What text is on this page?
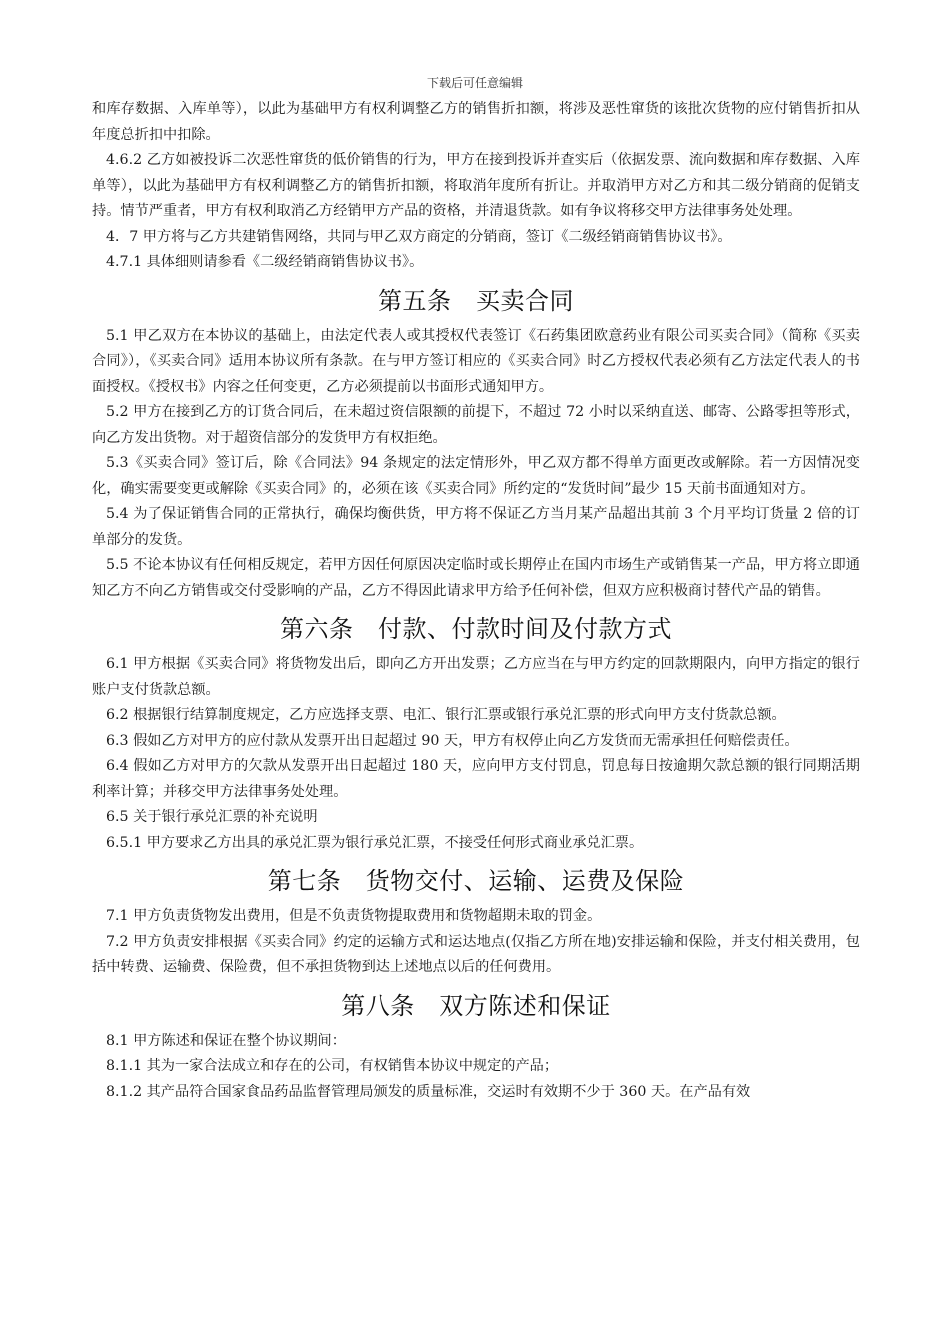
下载后可任意编辑
和库存数据、入库单等），以此为基础甲方有权利调整乙方的销售折扣额，将涉及恶性窜货的该批次货物的应付销售折扣从年度总折扣中扣除。
4.6.2 乙方如被投诉二次恶性窜货的低价销售的行为，甲方在接到投诉并查实后（依据发票、流向数据和库存数据、入库单等），以此为基础甲方有权利调整乙方的销售折扣额，将取消年度所有折让。并取消甲方对乙方和其二级分销商的促销支持。情节严重者，甲方有权利取消乙方经销甲方产品的资格，并清退货款。如有争议将移交甲方法律事务处处理。
4．7 甲方将与乙方共建销售网络，共同与甲乙双方商定的分销商，签订《二级经销商销售协议书》。
4.7.1 具体细则请参看《二级经销商销售协议书》。
第五条　买卖合同
5.1 甲乙双方在本协议的基础上，由法定代表人或其授权代表签订《石药集团欧意药业有限公司买卖合同》（简称《买卖合同》），《买卖合同》适用本协议所有条款。在与甲方签订相应的《买卖合同》时乙方授权代表必须有乙方法定代表人的书面授权。《授权书》内容之任何变更，乙方必须提前以书面形式通知甲方。
5.2 甲方在接到乙方的订货合同后，在未超过资信限额的前提下，不超过 72 小时以采纳直送、邮寄、公路零担等形式，向乙方发出货物。对于超资信部分的发货甲方有权拒绝。
5.3《买卖合同》签订后，除《合同法》94 条规定的法定情形外，甲乙双方都不得单方面更改或解除。若一方因情况变化，确实需要变更或解除《买卖合同》的，必须在该《买卖合同》所约定的“发货时间”最少 15 天前书面通知对方。
5.4 为了保证销售合同的正常执行，确保均衡供货，甲方将不保证乙方当月某产品超出其前 3 个月平均订货量 2 倍的订单部分的发货。
5.5 不论本协议有任何相反规定，若甲方因任何原因决定临时或长期停止在国内市场生产或销售某一产品，甲方将立即通知乙方不向乙方销售或交付受影响的产品，乙方不得因此请求甲方给予任何补偿，但双方应积极商讨替代产品的销售。
第六条　付款、付款时间及付款方式
6.1 甲方根据《买卖合同》将货物发出后，即向乙方开出发票；乙方应当在与甲方约定的回款期限内，向甲方指定的银行账户支付货款总额。
6.2 根据银行结算制度规定，乙方应选择支票、电汇、银行汇票或银行承兑汇票的形式向甲方支付货款总额。
6.3 假如乙方对甲方的应付款从发票开出日起超过 90 天，甲方有权停止向乙方发货而无需承担任何赔偿责任。
6.4 假如乙方对甲方的欠款从发票开出日起超过 180 天，应向甲方支付罚息，罚息每日按逾期欠款总额的银行同期活期利率计算；并移交甲方法律事务处处理。
6.5 关于银行承兑汇票的补充说明
6.5.1 甲方要求乙方出具的承兑汇票为银行承兑汇票，不接受任何形式商业承兑汇票。
第七条　货物交付、运输、运费及保险
7.1 甲方负责货物发出费用，但是不负责货物提取费用和货物超期未取的罚金。
7.2 甲方负责安排根据《买卖合同》约定的运输方式和运达地点(仅指乙方所在地)安排运输和保险，并支付相关费用，包括中转费、运输费、保险费，但不承担货物到达上述地点以后的任何费用。
第八条　双方陈述和保证
8.1 甲方陈述和保证在整个协议期间：
8.1.1 其为一家合法成立和存在的公司，有权销售本协议中规定的产品；
8.1.2 其产品符合国家食品药品监督管理局颁发的质量标准，交运时有效期不少于 360 天。在产品有效
